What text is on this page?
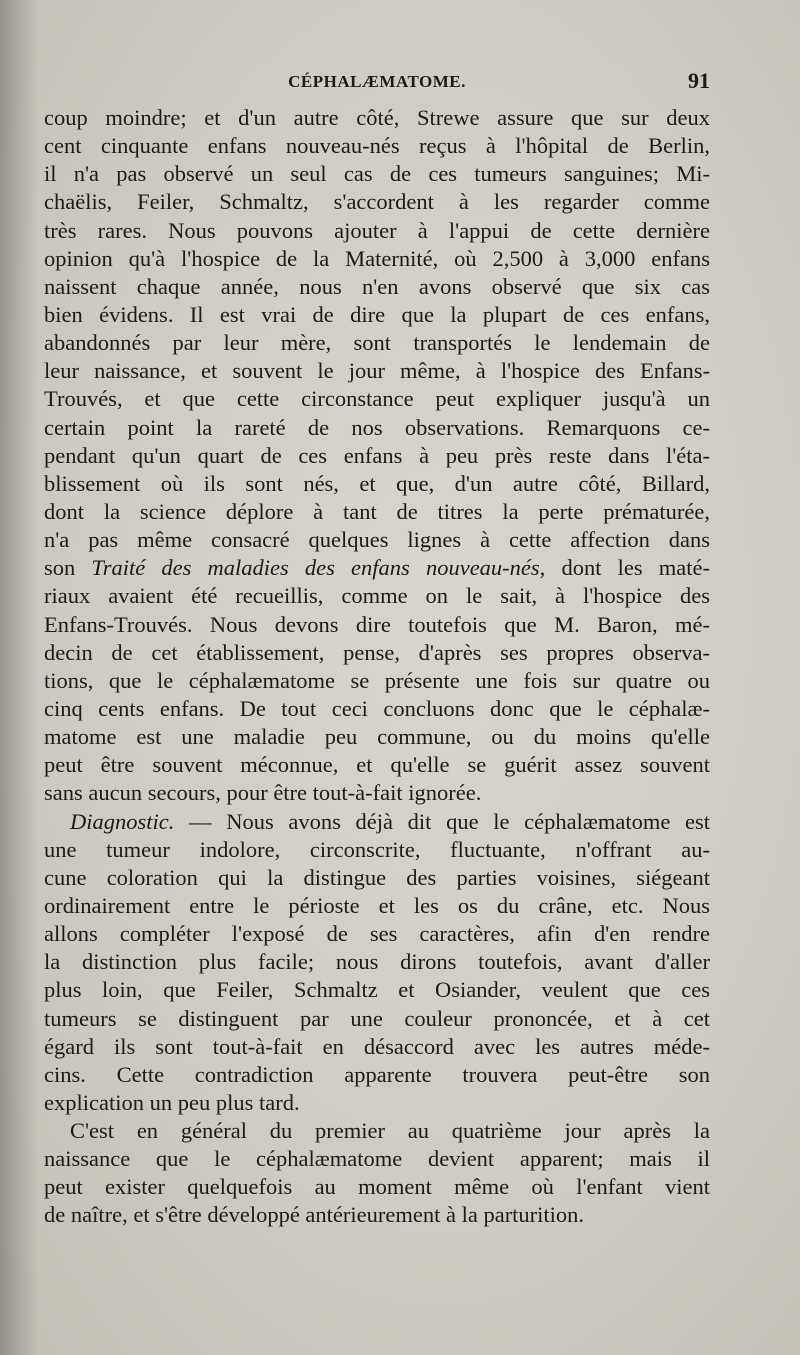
CÉPHALÆMATOME.	91
coup moindre; et d'un autre côté, Strewe assure que sur deux
cent cinquante enfans nouveau-nés reçus à l'hôpital de Berlin,
il n'a pas observé un seul cas de ces tumeurs sanguines; Mi-
chaëlis, Feiler, Schmaltz, s'accordent à les regarder comme
très rares. Nous pouvons ajouter à l'appui de cette dernière
opinion qu'à l'hospice de la Maternité, où 2,500 à 3,000 enfans
naissent chaque année, nous n'en avons observé que six cas
bien évidens. Il est vrai de dire que la plupart de ces enfans,
abandonnés par leur mère, sont transportés le lendemain de
leur naissance, et souvent le jour même, à l'hospice des Enfans-
Trouvés, et que cette circonstance peut expliquer jusqu'à un
certain point la rareté de nos observations. Remarquons ce-
pendant qu'un quart de ces enfans à peu près reste dans l'éta-
blissement où ils sont nés, et que, d'un autre côté, Billard,
dont la science déplore à tant de titres la perte prématurée,
n'a pas même consacré quelques lignes à cette affection dans
son Traité des maladies des enfans nouveau-nés, dont les maté-
riaux avaient été recueillis, comme on le sait, à l'hospice des
Enfans-Trouvés. Nous devons dire toutefois que M. Baron, mé-
decin de cet établissement, pense, d'après ses propres observa-
tions, que le céphalæmatome se présente une fois sur quatre ou
cinq cents enfans. De tout ceci concluons donc que le céphalæ-
matome est une maladie peu commune, ou du moins qu'elle
peut être souvent méconnue, et qu'elle se guérit assez souvent
sans aucun secours, pour être tout-à-fait ignorée.
Diagnostic. — Nous avons déjà dit que le céphalæmatome est
une tumeur indolore, circonscrite, fluctuante, n'offrant au-
cune coloration qui la distingue des parties voisines, siégeant
ordinairement entre le périoste et les os du crâne, etc. Nous
allons compléter l'exposé de ses caractères, afin d'en rendre
la distinction plus facile; nous dirons toutefois, avant d'aller
plus loin, que Feiler, Schmaltz et Osiander, veulent que ces
tumeurs se distinguent par une couleur prononcée, et à cet
égard ils sont tout-à-fait en désaccord avec les autres méde-
cins. Cette contradiction apparente trouvera peut-être son
explication un peu plus tard.
C'est en général du premier au quatrième jour après la
naissance que le céphalæmatome devient apparent; mais il
peut exister quelquefois au moment même où l'enfant vient
de naître, et s'être développé antérieurement à la parturition.
